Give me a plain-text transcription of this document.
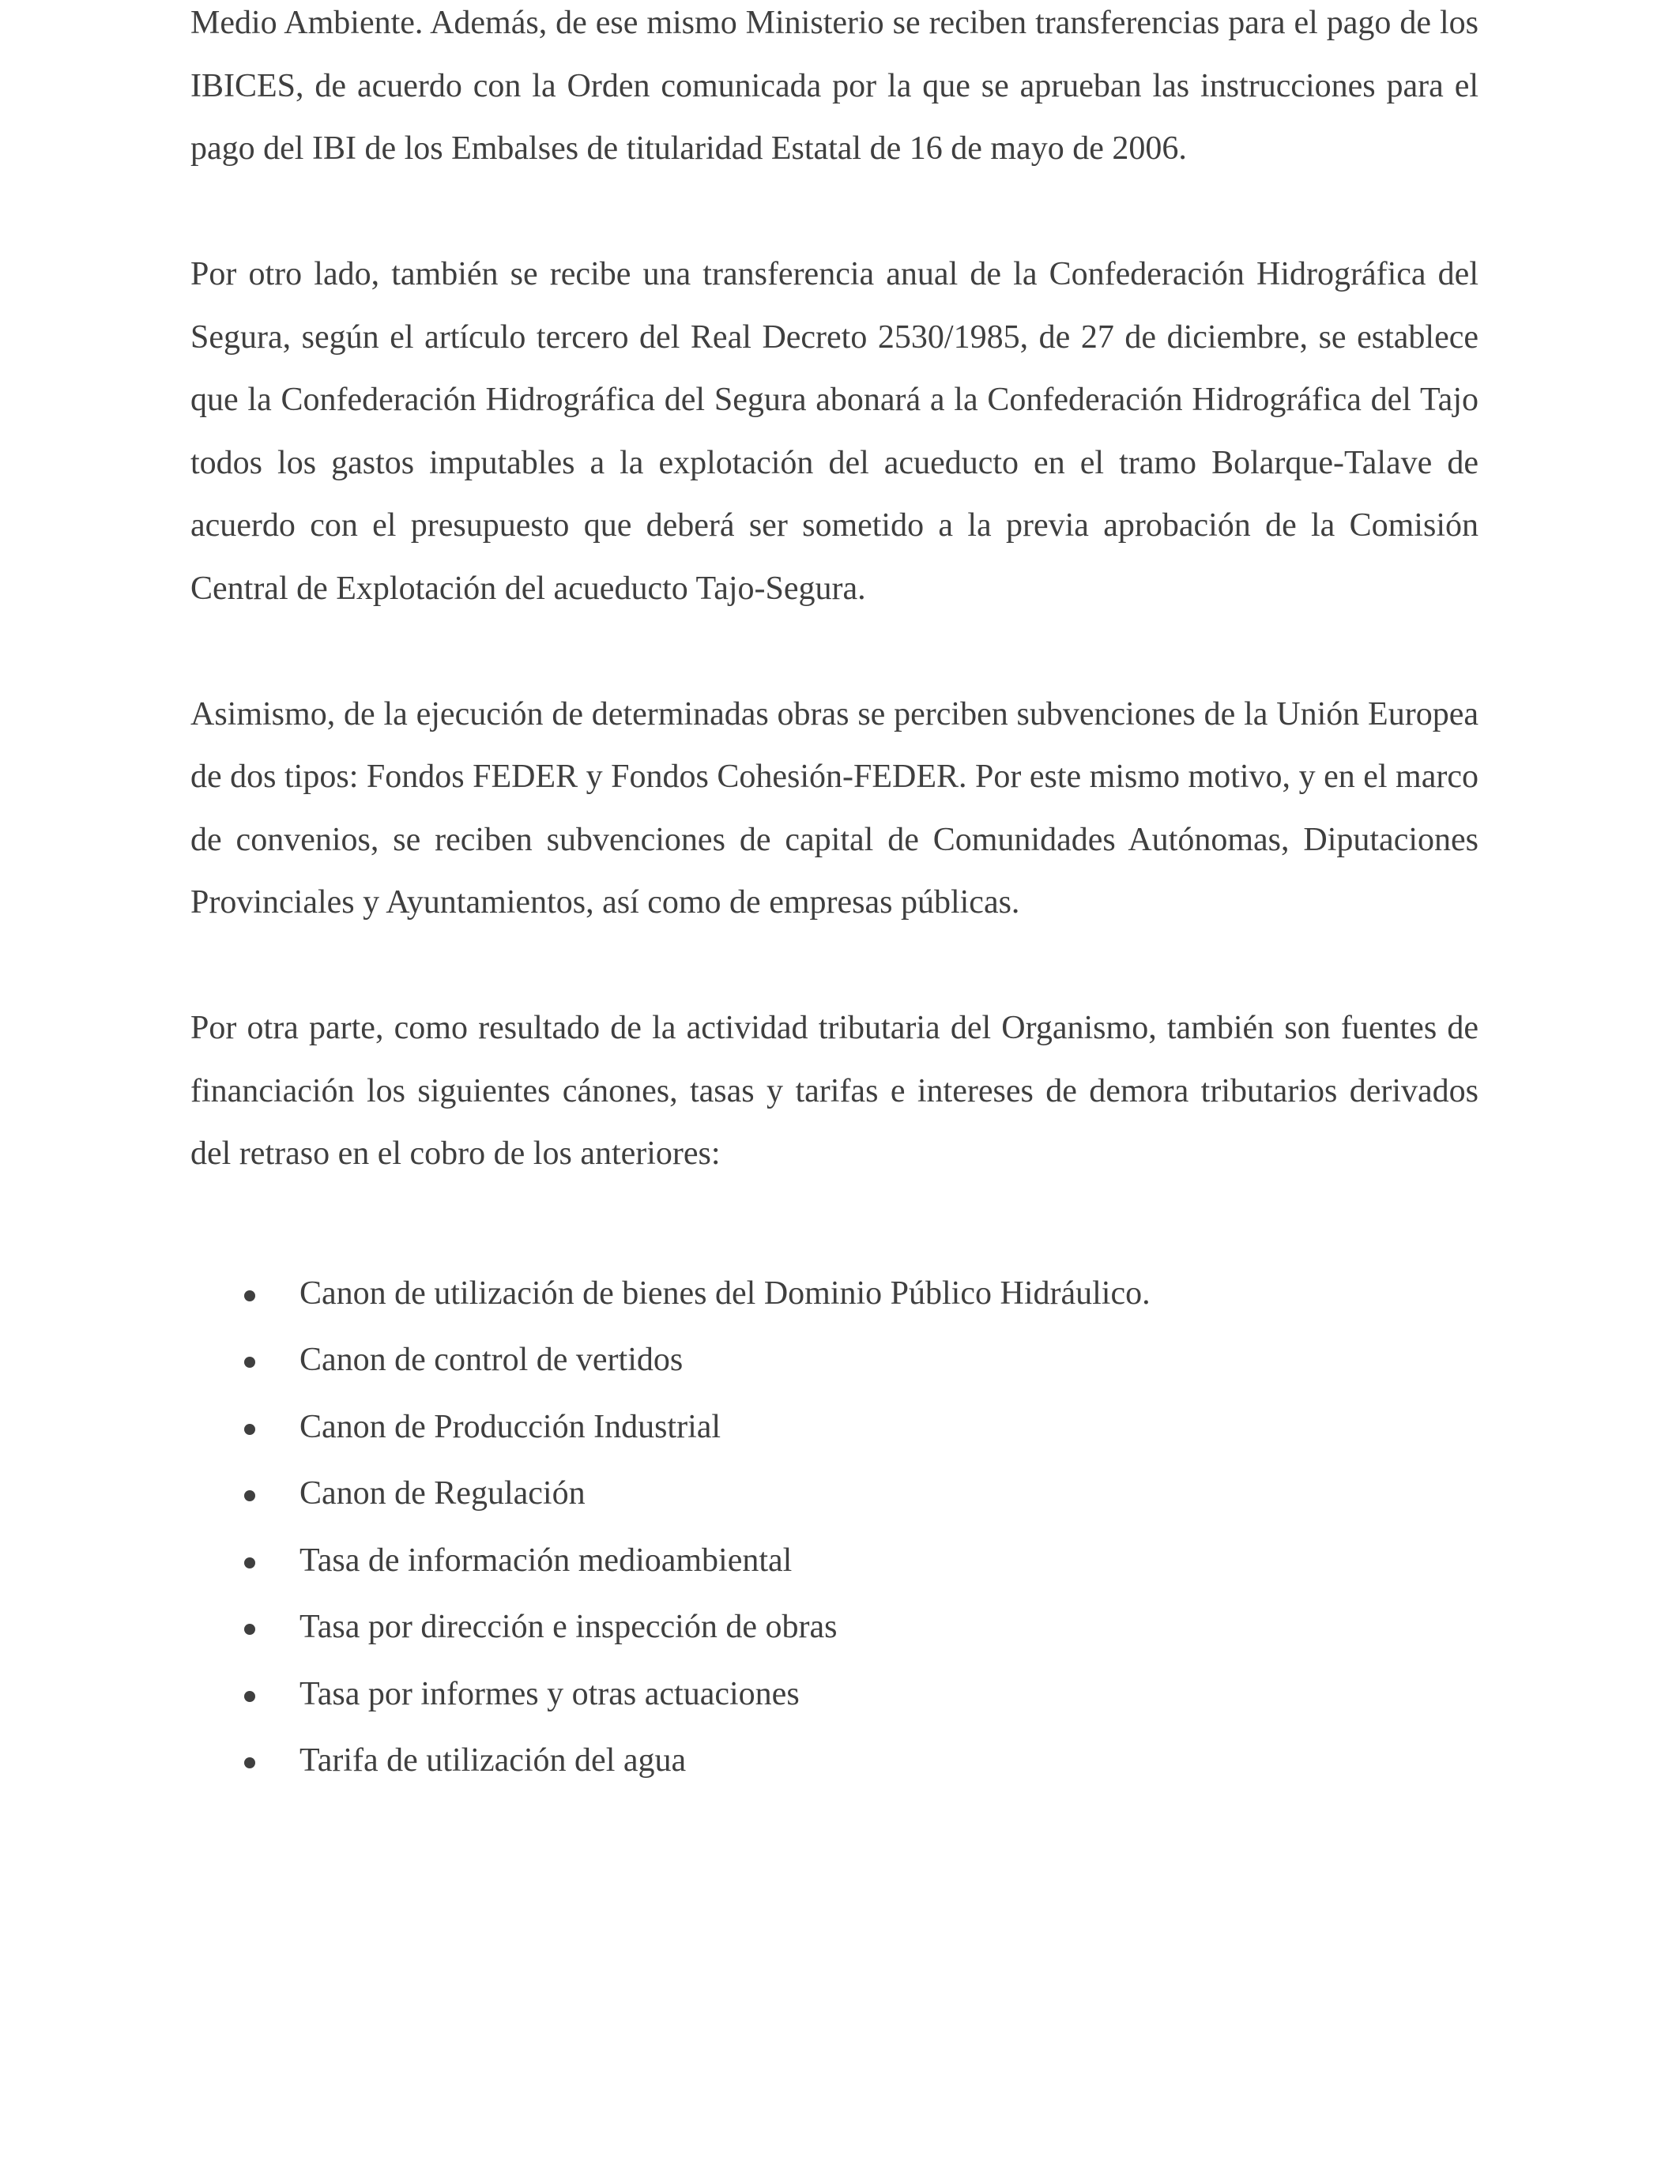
Medio Ambiente. Además, de ese mismo Ministerio se reciben transferencias para el pago de los IBICES, de acuerdo con la Orden comunicada por la que se aprueban las instrucciones para el pago del IBI de los Embalses de titularidad Estatal de 16 de mayo de 2006.

Por otro lado, también se recibe una transferencia anual de la Confederación Hidrográfica del Segura, según el artículo tercero del Real Decreto 2530/1985, de 27 de diciembre, se establece que la Confederación Hidrográfica del Segura abonará a la Confederación Hidrográfica del Tajo todos los gastos imputables a la explotación del acueducto en el tramo Bolarque-Talave de acuerdo con el presupuesto que deberá ser sometido a la previa aprobación de la Comisión Central de Explotación del acueducto Tajo-Segura.

Asimismo, de la ejecución de determinadas obras se perciben subvenciones de la Unión Europea de dos tipos: Fondos FEDER y Fondos Cohesión-FEDER. Por este mismo motivo, y en el marco de convenios, se reciben subvenciones de capital de Comunidades Autónomas, Diputaciones Provinciales y Ayuntamientos, así como de empresas públicas.

Por otra parte, como resultado de la actividad tributaria del Organismo, también son fuentes de financiación los siguientes cánones, tasas y tarifas e intereses de demora tributarios derivados del retraso en el cobro de los anteriores:

Canon de utilización de bienes del Dominio Público Hidráulico.
Canon de control de vertidos
Canon de Producción Industrial
Canon de Regulación
Tasa de información medioambiental
Tasa por dirección e inspección de obras
Tasa por informes y otras actuaciones
Tarifa de utilización del agua
